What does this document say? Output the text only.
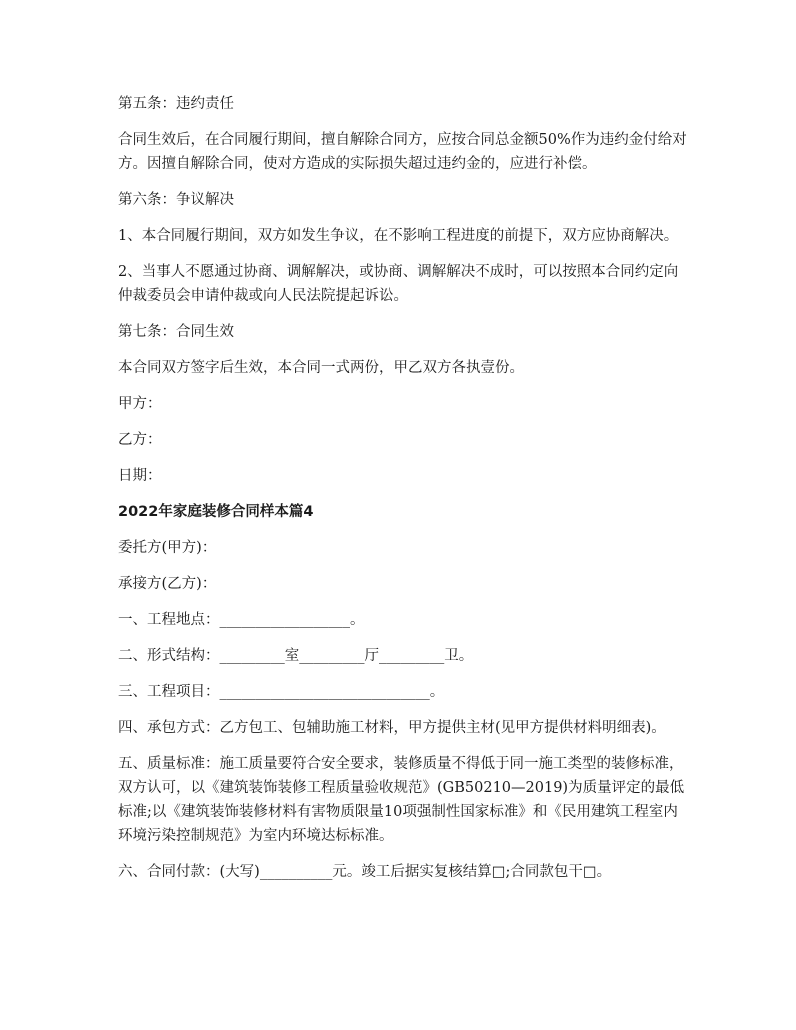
第五条：违约责任

合同生效后，在合同履行期间，擅自解除合同方，应按合同总金额50%作为违约金付给对方。因擅自解除合同，使对方造成的实际损失超过违约金的，应进行补偿。

第六条：争议解决

1、本合同履行期间，双方如发生争议，在不影响工程进度的前提下，双方应协商解决。

2、当事人不愿通过协商、调解解决，或协商、调解解决不成时，可以按照本合同约定向仲裁委员会申请仲裁或向人民法院提起诉讼。

第七条：合同生效

本合同双方签字后生效，本合同一式两份，甲乙双方各执壹份。

甲方：

乙方：

日期：

2022年家庭装修合同样本篇4

委托方(甲方)：

承接方(乙方)：

一、工程地点：__________________。

二、形式结构：_________室_________厅_________卫。

三、工程项目：_____________________________。

四、承包方式：乙方包工、包辅助施工材料，甲方提供主材(见甲方提供材料明细表)。

五、质量标准：施工质量要符合安全要求，装修质量不得低于同一施工类型的装修标准，双方认可，以《建筑装饰装修工程质量验收规范》(GB50210—2019)为质量评定的最低标准;以《建筑装饰装修材料有害物质限量10项强制性国家标准》和《民用建筑工程室内环境污染控制规范》为室内环境达标标准。

六、合同付款：(大写)__________元。竣工后据实复核结算□;合同款包干□。
